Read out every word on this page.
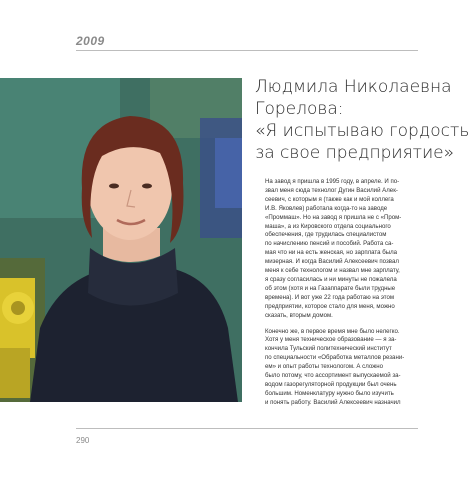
2009
Людмила Николаевна
Горелова:
«Я испытываю гордость
за свое предприятие»
На завод я пришла в 1995 году, в апреле. И по-
звал меня сюда технолог Дугин Василий Алек-
сеевич, с которым я (также как и мой коллега
И.В. Яковлев) работала когда-то на заводе
«Проммаш». Но на завод я пришла не с «Пром-
маша», а из Кировского отдела социального
обеспечения, где трудилась специалистом
по начислению пенсий и пособий. Работа са-
мая что ни на есть женская, но зарплата была
мизерная. И когда Василий Алексеевич позвал
меня к себе технологом и назвал мне зарплату,
я сразу согласилась и ни минуты не пожалела
об этом (хотя и на Газаппарате были трудные
времена). И вот уже 22 года работаю на этом
предприятии, которое стало для меня, можно
сказать, вторым домом.
Конечно же, в первое время мне было нелегко.
Хотя у меня техническое образование — я за-
кончила Тульский политехнический институт
по специальности «Обработка металлов резани-
ем» и опыт работы технологом. А сложно
было потому, что ассортимент выпускаемой за-
водом газорегуляторной продукции был очень
большим. Номенклатуру нужно было изучить
и понять работу. Василий Алексеевич назначил
290
